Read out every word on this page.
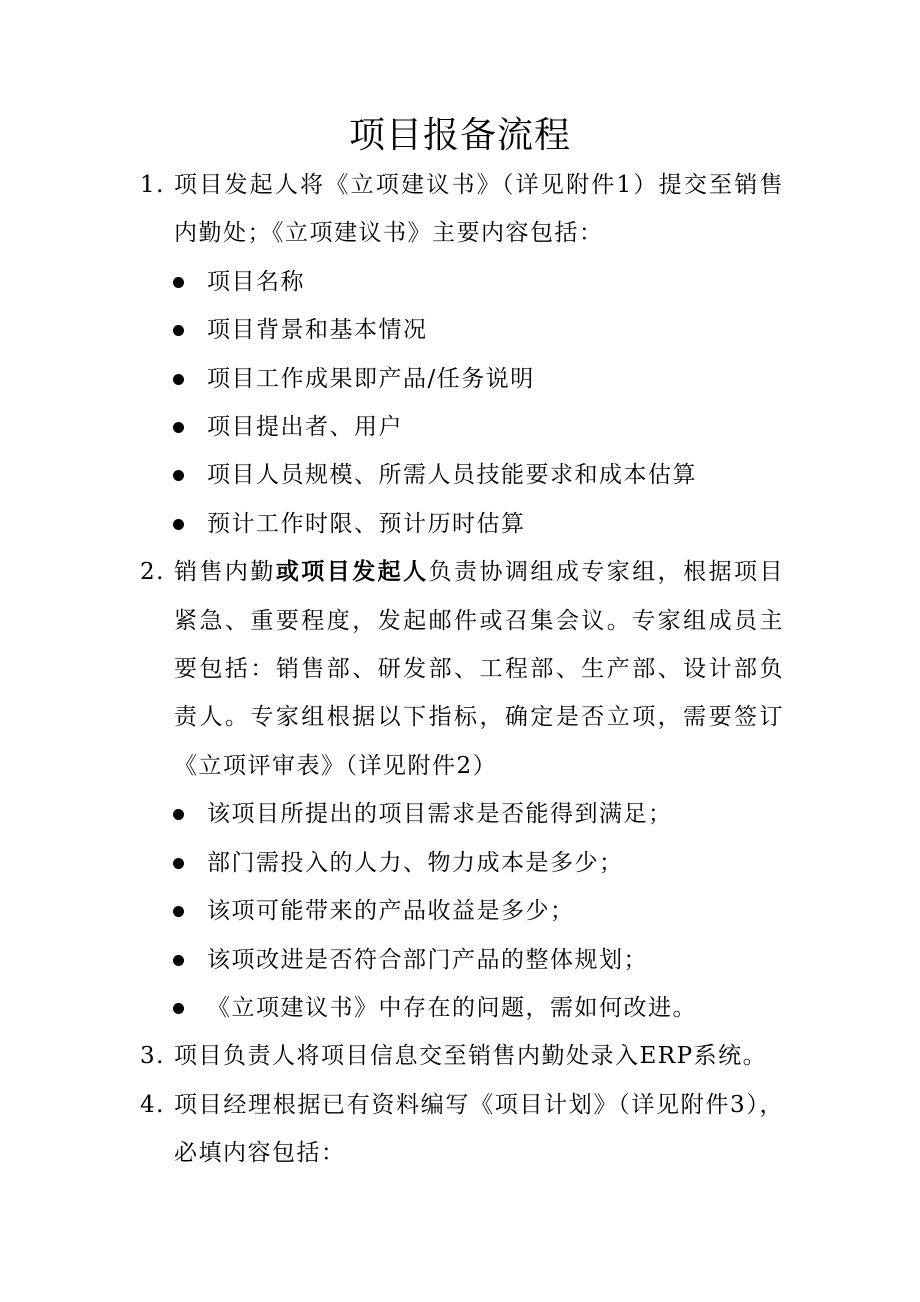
项目报备流程
1. 项目发起人将《立项建议书》（详见附件1）提交至销售内勤处；《立项建议书》主要内容包括：
项目名称
项目背景和基本情况
项目工作成果即产品/任务说明
项目提出者、用户
项目人员规模、所需人员技能要求和成本估算
预计工作时限、预计历时估算
2. 销售内勤或项目发起人负责协调组成专家组，根据项目紧急、重要程度，发起邮件或召集会议。专家组成员主要包括：销售部、研发部、工程部、生产部、设计部负责人。专家组根据以下指标，确定是否立项，需要签订《立项评审表》（详见附件2）
该项目所提出的项目需求是否能得到满足；
部门需投入的人力、物力成本是多少；
该项可能带来的产品收益是多少；
该项改进是否符合部门产品的整体规划；
《立项建议书》中存在的问题，需如何改进。
3. 项目负责人将项目信息交至销售内勤处录入ERP系统。
4. 项目经理根据已有资料编写《项目计划》（详见附件3），必填内容包括：
